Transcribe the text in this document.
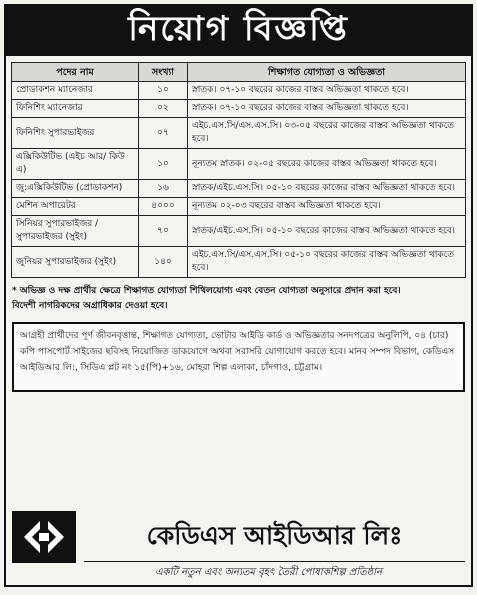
নিয়োগ বিজ্ঞপ্তি
পদের নাম	সংখ্যা	শিক্ষাগত যোগ্যতা ও অভিজ্ঞতা
প্রোডাকশন ম্যানেজার	১০	স্নাতক। ০৭-১০ বছরের কাজের বাস্তব অভিজ্ঞতা থাকতে হবে।
ফিনিশিং ম্যানেজার	০২	স্নাতক। ০৭-১০ বছরের কাজের বাস্তব অভিজ্ঞতা থাকতে হবে।
ফিনিশিং সুপারভাইজর	০৭	এইচ.এস.সি/এস.এস.সি। ০৩-০৫ বছরের কাজের বাস্তব অভিজ্ঞতা থাকতে হবে।
এক্সিকিউটিভ (এইচ আর/ কিউ এ)	১০	নূন্যতম স্নাতক। ০২-০৫ বছরের কাজের বাস্তব অভিজ্ঞতা থাকতে হবে।
জু:এক্সিকিউটিভ (প্রোডাকশন)	১৬	স্নাতক/এইচ.এস.সি। ০৫-১০ বছরের কাজের বাস্তব অভিজ্ঞতা থাকতে হবে।
মেশিন অপারেটর	৪০০০	নূন্যতম ০২-০৩ বছরের বাস্তব অভিজ্ঞতা থাকতে হবে।
সিনিয়র সুপারভাইজর / সুপারভাইজর (সুইং)	৭০	স্নাতক/এইচ.এস.সি। ০৫-১০ বছরের কাজের বাস্তব অভিজ্ঞতা থাকতে হবে।
জুনিয়র সুপারভাইজর (সুইং)	১৪০	এইচ.এস.সি/এস.এস.সি। ০৫-১০ বছরের কাজের বাস্তব অভিজ্ঞতা থাকতে হবে।
* অভিজ্ঞ ও দক্ষ প্রার্থীর ক্ষেত্রে শিক্ষাগত যোগ্যতা শিথিলযোগ্য এবং বেতন যোগ্যতা অনুসারে প্রদান করা হবে।
বিদেশী নাগরিকদের অগ্রাধিকার দেওয়া হবে।
আগ্রহী প্রার্থীদের পূর্ণ জীবনবৃত্তান্ত, শিক্ষাগত যোগ্যতা, ভোটার আইডি কার্ড ও অভিজ্ঞতার সনদপত্রের অনুলিপি, ০৪ (চার) কপি পাসপোর্ট সাইজের ছবিসহ নিয়োজিত ডাকযোগে অথবা সরাসরি যোগাযোগ করতে হবে। মানব সম্পদ বিভাগ, কেডিএস আইডিআর লি:, সিডিএ প্লট নং ১৫(পি)+১৬, মোহরা শিল্প এলাকা, চাঁদগাও, চট্টগ্রাম।
কেডিএস আইডিআর লিঃ
একটি নতুন এবং অন্যতম বৃহৎ তৈরী পোষাকশিল্প প্রতিষ্ঠান
